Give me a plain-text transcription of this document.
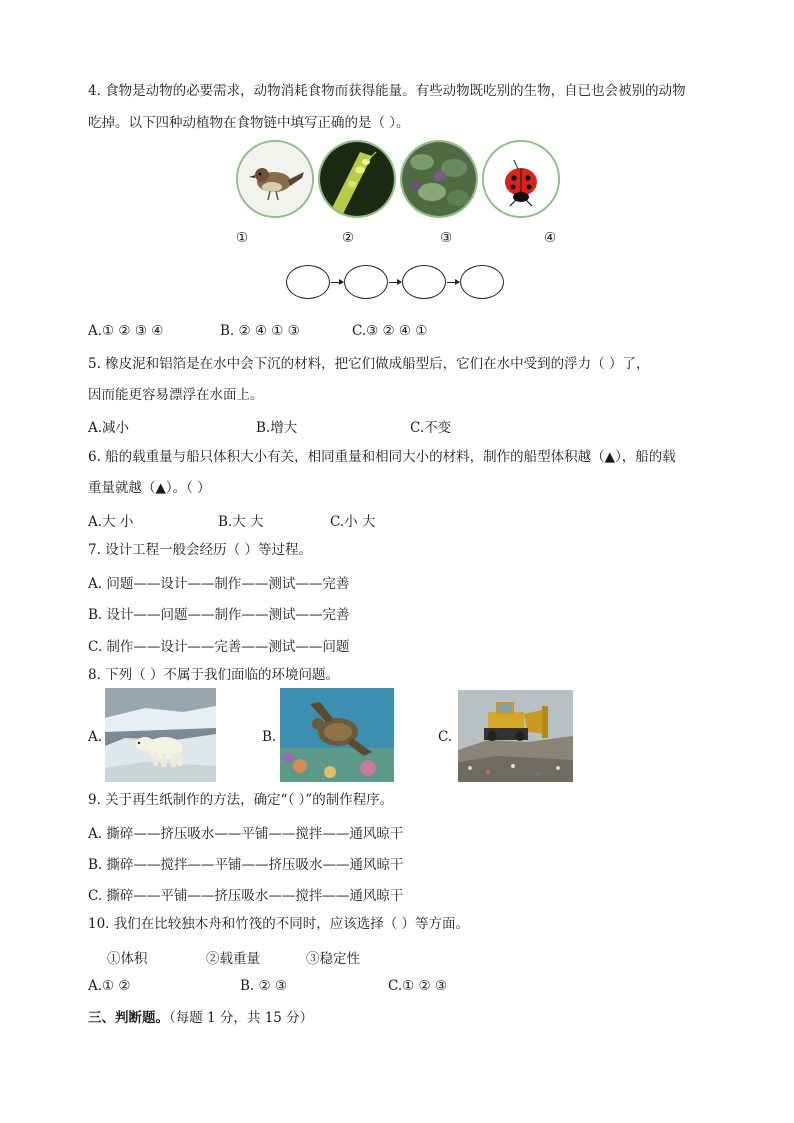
4. 食物是动物的必要需求，动物消耗食物而获得能量。有些动物既吃别的生物，自已也会被别的动物
吃掉。以下四种动植物在食物链中填写正确的是（ ）。
①	②	③	④
A.① ② ③ ④	B. ② ④ ① ③	C.③ ② ④ ①
5. 橡皮泥和铝箔是在水中会下沉的材料，把它们做成船型后，它们在水中受到的浮力（ ）了，
因而能更容易漂浮在水面上。
A.减小	B.增大	C.不变
6. 船的载重量与船只体积大小有关，相同重量和相同大小的材料，制作的船型体积越（▲），船的载
重量就越（▲）。（ ）
A.大 小	B.大 大	C.小 大
7. 设计工程一般会经历（ ）等过程。
A. 问题——设计——制作——测试——完善
B. 设计——问题——制作——测试——完善
C. 制作——设计——完善——测试——问题
8. 下列（ ）不属于我们面临的环境问题。
A.	B.	C.
9. 关于再生纸制作的方法，确定“（ ）”的制作程序。
A. 撕碎——挤压吸水——平铺——搅拌——通风晾干
B. 撕碎——搅拌——平铺——挤压吸水——通风晾干
C. 撕碎——平铺——挤压吸水——搅拌——通风晾干
10. 我们在比较独木舟和竹筏的不同时，应该选择（ ）等方面。
①体积	②载重量	③稳定性
A.① ②	B. ② ③	C.① ② ③
三、判断题。（每题 1 分，共 15 分）
